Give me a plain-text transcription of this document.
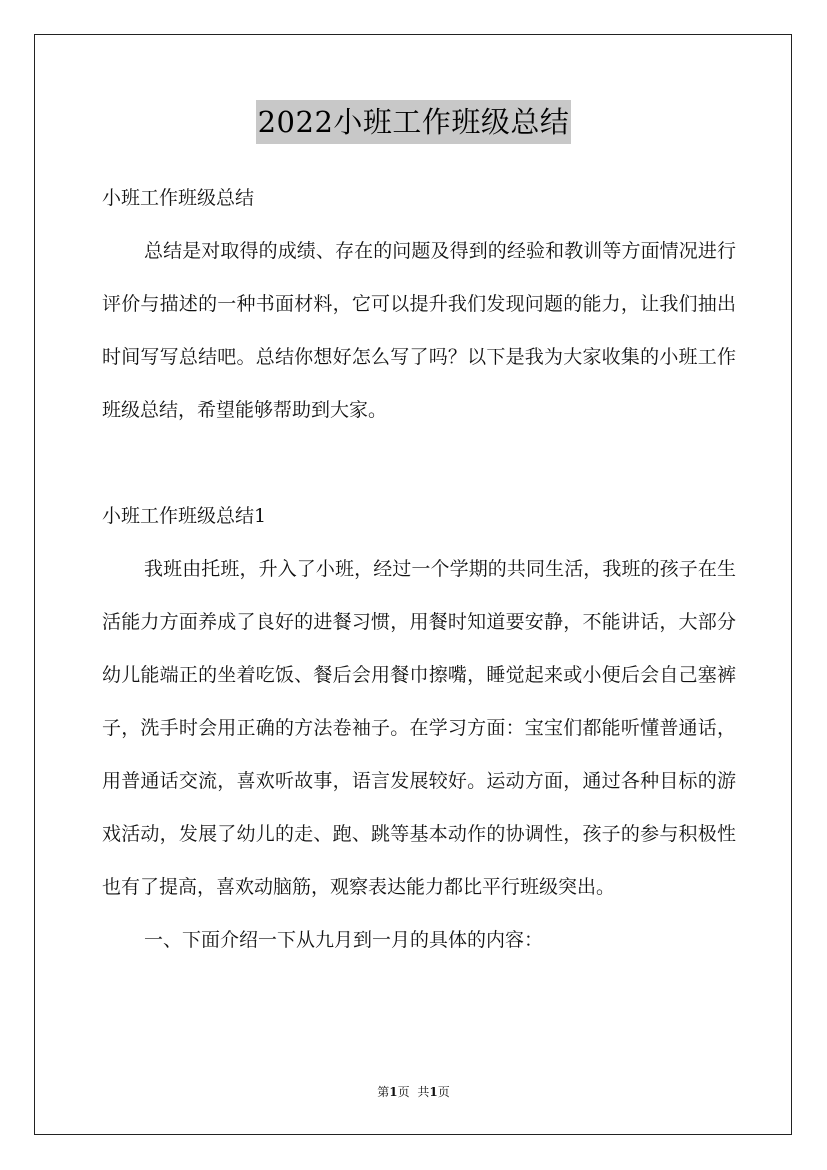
2022小班工作班级总结

小班工作班级总结

总结是对取得的成绩、存在的问题及得到的经验和教训等方面情况进行评价与描述的一种书面材料，它可以提升我们发现问题的能力，让我们抽出时间写写总结吧。总结你想好怎么写了吗？以下是我为大家收集的小班工作班级总结，希望能够帮助到大家。

小班工作班级总结1

我班由托班，升入了小班，经过一个学期的共同生活，我班的孩子在生活能力方面养成了良好的进餐习惯，用餐时知道要安静，不能讲话，大部分幼儿能端正的坐着吃饭、餐后会用餐巾擦嘴，睡觉起来或小便后会自己塞裤子，洗手时会用正确的方法卷袖子。在学习方面：宝宝们都能听懂普通话，用普通话交流，喜欢听故事，语言发展较好。运动方面，通过各种目标的游戏活动，发展了幼儿的走、跑、跳等基本动作的协调性，孩子的参与积极性也有了提高，喜欢动脑筋，观察表达能力都比平行班级突出。

一、下面介绍一下从九月到一月的具体的内容：

第1页 共1页
